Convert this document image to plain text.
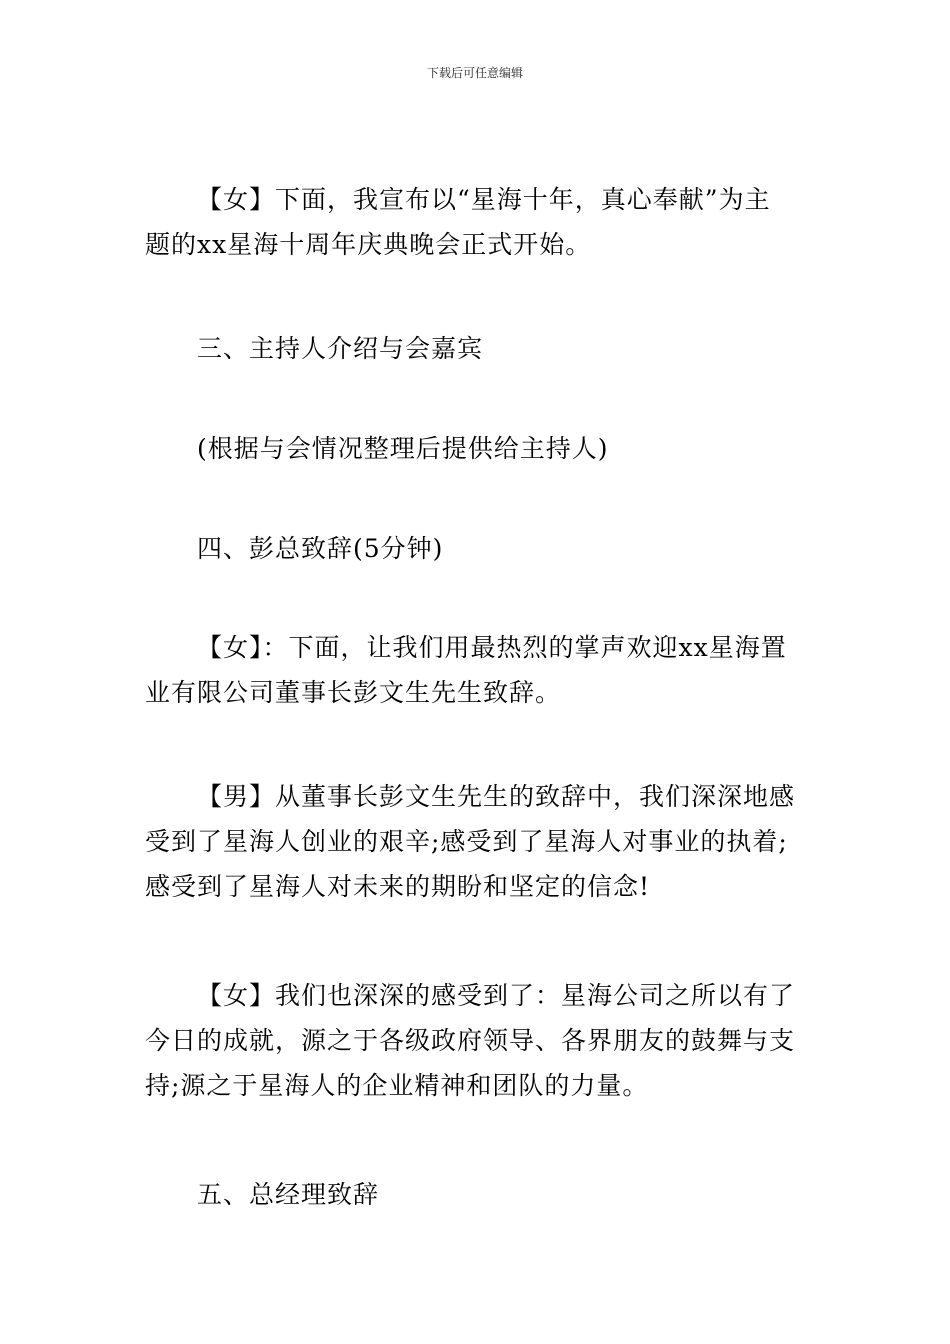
下载后可任意编辑
【女】下面，我宣布以“星海十年，真心奉献”为主
题的xx星海十周年庆典晚会正式开始。
三、主持人介绍与会嘉宾
(根据与会情况整理后提供给主持人)
四、彭总致辞(5分钟)
【女】：下面，让我们用最热烈的掌声欢迎xx星海置
业有限公司董事长彭文生先生致辞。
【男】从董事长彭文生先生的致辞中，我们深深地感
受到了星海人创业的艰辛;感受到了星海人对事业的执着;
感受到了星海人对未来的期盼和坚定的信念!
【女】我们也深深的感受到了：星海公司之所以有了
今日的成就，源之于各级政府领导、各界朋友的鼓舞与支
持;源之于星海人的企业精神和团队的力量。
五、总经理致辞
